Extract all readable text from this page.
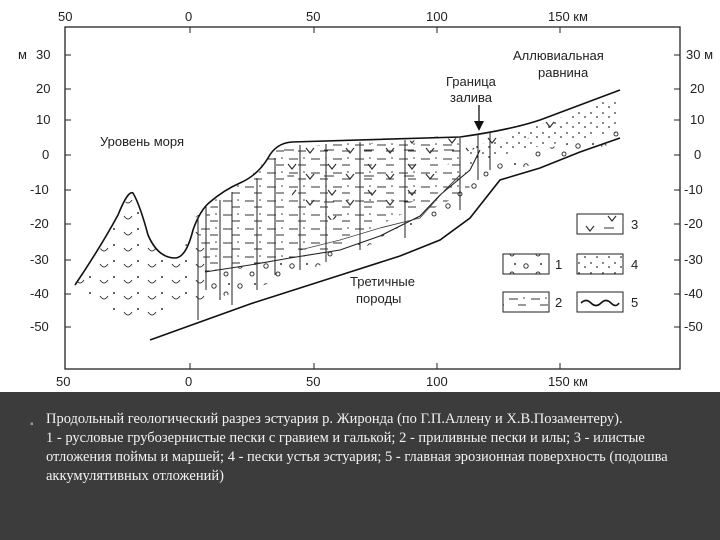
50	0	50	100	150 км
50	0	50	100	150 км
м 30
20
10
0
-10
-20
-30
-40
-50
30 м
20
10
0
-10
-20
-30
-40
-50
Уровень моря
Аллювиальная
равнина
Граница
залива
Третичные
породы
3
1	4
2	5
▪ Продольный геологический разрез эстуария р. Жиронда (по Г.П.Аллену и Х.В.Позаментеру).

1 - русловые грубозернистые пески с гравием и галькой; 2 - приливные пески и илы; 3 - илистые отложения поймы и маршей; 4 - пески устья эстуария; 5 - главная эрозионная поверхность (подошва аккумулятивных отложений)
